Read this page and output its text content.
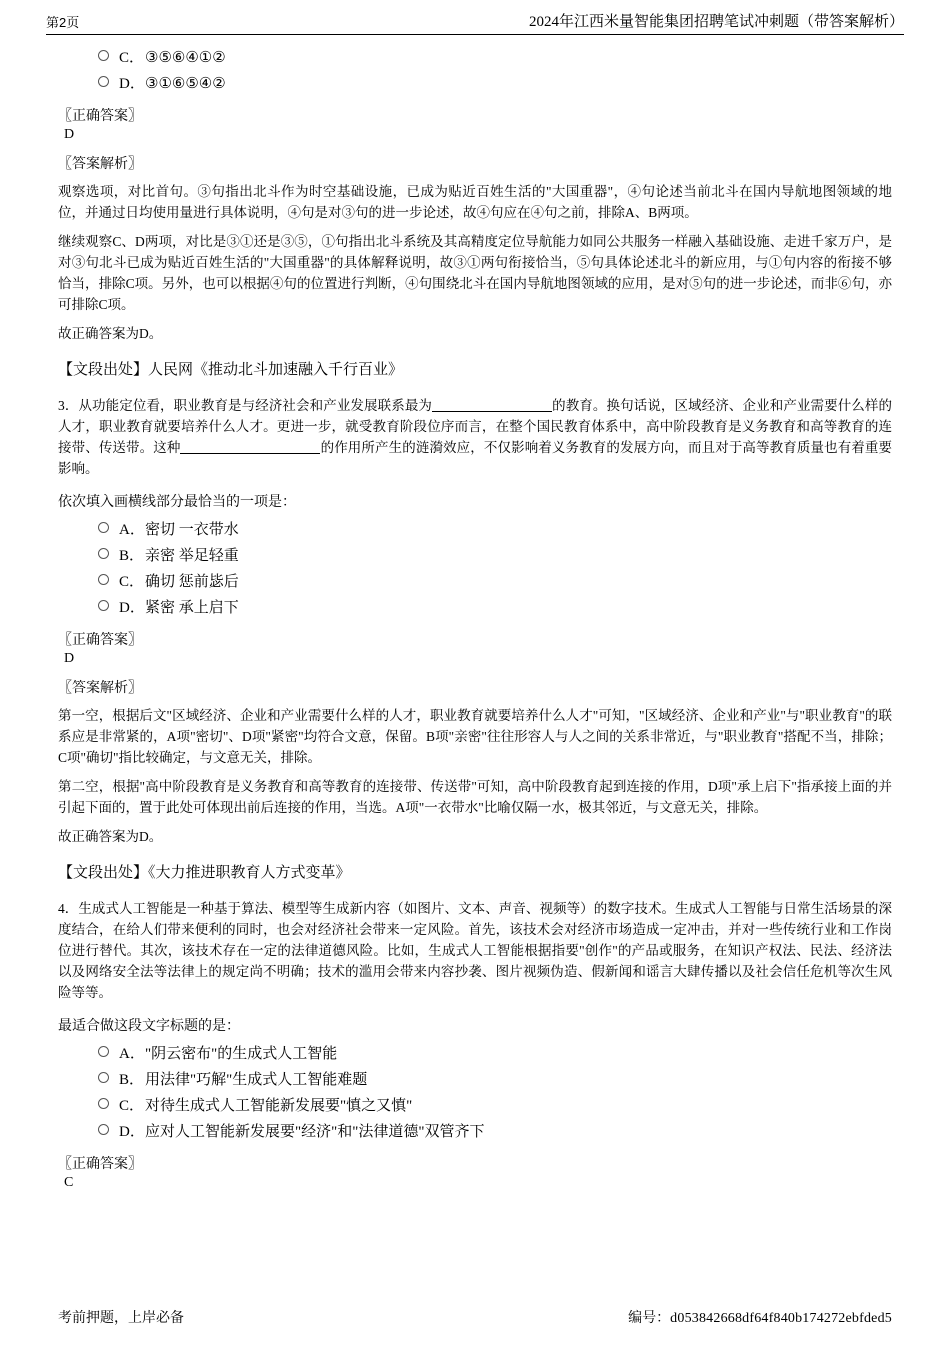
第2页	2024年江西米量智能集团招聘笔试冲刺题（带答案解析）
C． ③⑤⑥④①②
D． ③①⑥⑤④②
〖正确答案〗
D
〖答案解析〗
观察选项，对比首句。③句指出北斗作为时空基础设施，已成为贴近百姓生活的"大国重器"，④句论述当前北斗在国内导航地图领域的地位，并通过日均使用量进行具体说明，④句是对③句的进一步论述，故④句应在④句之前，排除A、B两项。
继续观察C、D两项，对比是③①还是③⑤，①句指出北斗系统及其高精度定位导航能力如同公共服务一样融入基础设施、走进千家万户，是对③句北斗已成为贴近百姓生活的"大国重器"的具体解释说明，故③①两句衔接恰当，⑤句具体论述北斗的新应用，与①句内容的衔接不够恰当，排除C项。另外，也可以根据④句的位置进行判断，④句围绕北斗在国内导航地图领域的应用，是对⑤句的进一步论述，而非⑥句，亦可排除C项。
故正确答案为D。
【文段出处】人民网《推动北斗加速融入千行百业》
3．从功能定位看，职业教育是与经济社会和产业发展联系最为	的教育。换句话说，区域经济、企业和产业需要什么样的人才，职业教育就要培养什么人才。更进一步，就受教育阶段位序而言，在整个国民教育体系中，高中阶段教育是义务教育和高等教育的连接带、传送带。这种	的作用所产生的涟漪效应，不仅影响着义务教育的发展方向，而且对于高等教育质量也有着重要影响。
依次填入画横线部分最恰当的一项是：
A． 密切 一衣带水
B． 亲密 举足轻重
C． 确切 惩前毖后
D． 紧密 承上启下
〖正确答案〗
D
〖答案解析〗
第一空，根据后文"区域经济、企业和产业需要什么样的人才，职业教育就要培养什么人才"可知，"区域经济、企业和产业"与"职业教育"的联系应是非常紧的，A项"密切"、D项"紧密"均符合文意，保留。B项"亲密"往往形容人与人之间的关系非常近，与"职业教育"搭配不当，排除；C项"确切"指比较确定，与文意无关，排除。
第二空，根据"高中阶段教育是义务教育和高等教育的连接带、传送带"可知，高中阶段教育起到连接的作用，D项"承上启下"指承接上面的并引起下面的，置于此处可体现出前后连接的作用，当选。A项"一衣带水"比喻仅隔一水，极其邻近，与文意无关，排除。
故正确答案为D。
【文段出处】《大力推进职教育人方式变革》
4．生成式人工智能是一种基于算法、模型等生成新内容（如图片、文本、声音、视频等）的数字技术。生成式人工智能与日常生活场景的深度结合，在给人们带来便利的同时，也会对经济社会带来一定风险。首先，该技术会对经济市场造成一定冲击，并对一些传统行业和工作岗位进行替代。其次，该技术存在一定的法律道德风险。比如，生成式人工智能根据指要"创作"的产品或服务，在知识产权法、民法、经济法以及网络安全法等法律上的规定尚不明确；技术的滥用会带来内容抄袭、图片视频伪造、假新闻和谣言大肆传播以及社会信任危机等次生风险等等。
最适合做这段文字标题的是：
A． "阴云密布"的生成式人工智能
B． 用法律"巧解"生成式人工智能难题
C． 对待生成式人工智能新发展要"慎之又慎"
D． 应对人工智能新发展要"经济"和"法律道德"双管齐下
〖正确答案〗
C
考前押题，上岸必备	编号：d053842668df64f840b174272ebfded5
